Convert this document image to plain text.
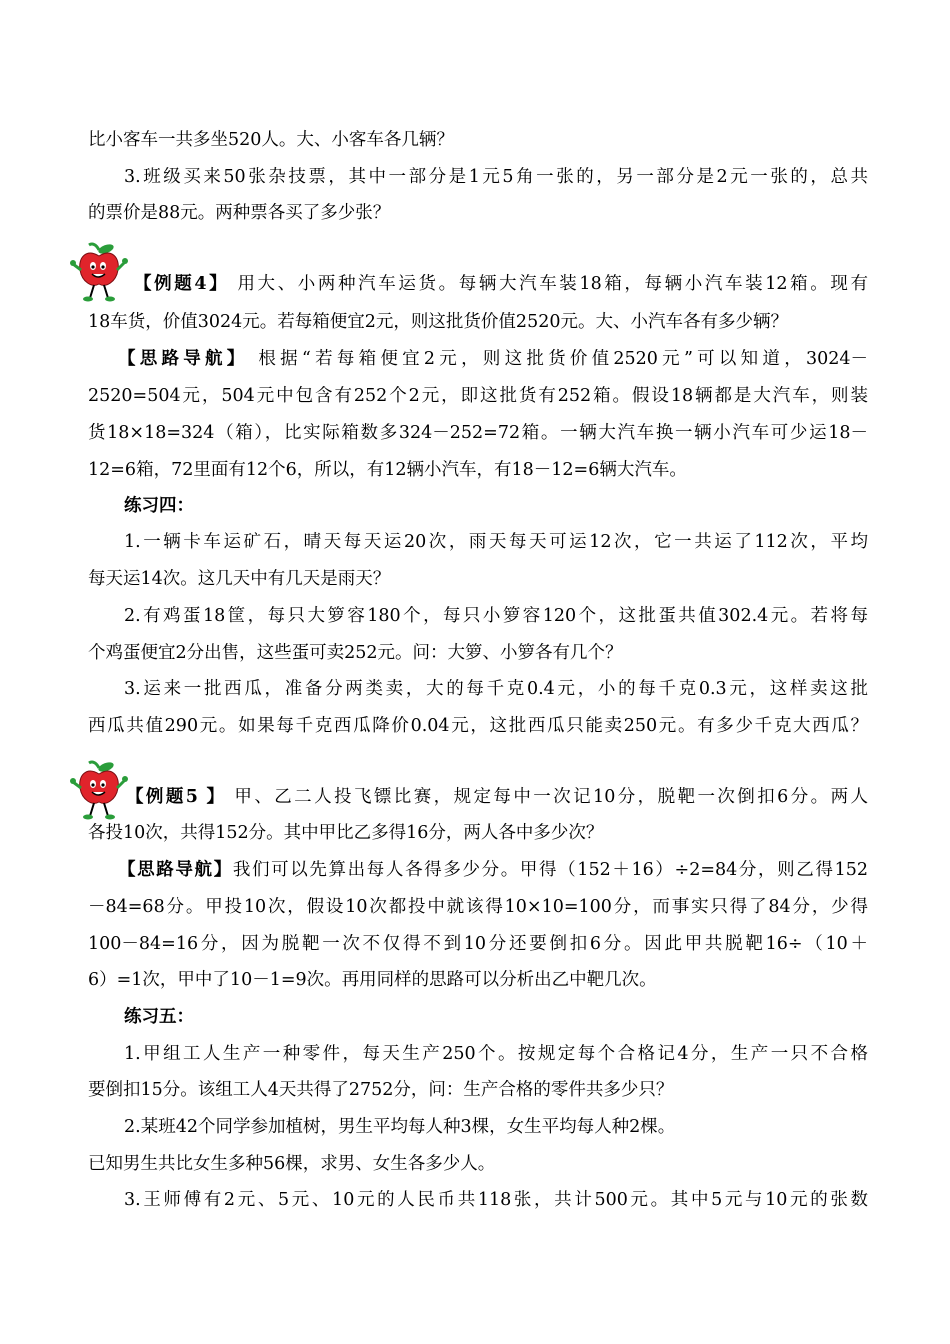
比小客车一共多坐520人。大、小客车各几辆？
3.班级买来50张杂技票，其中一部分是1元5角一张的，另一部分是2元一张的，总共
的票价是88元。两种票各买了多少张？
【例题4】 用大、小两种汽车运货。每辆大汽车装18箱，每辆小汽车装12箱。现有
18车货，价值3024元。若每箱便宜2元，则这批货价值2520元。大、小汽车各有多少辆？
【思路导航】 根据“若每箱便宜2元，则这批货价值2520元”可以知道，3024－
2520=504元，504元中包含有252个2元，即这批货有252箱。假设18辆都是大汽车，则装
货18×18=324（箱），比实际箱数多324－252=72箱。一辆大汽车换一辆小汽车可少运18－
12=6箱，72里面有12个6，所以，有12辆小汽车，有18－12=6辆大汽车。
练习四：
1.一辆卡车运矿石，晴天每天运20次，雨天每天可运12次，它一共运了112次，平均
每天运14次。这几天中有几天是雨天？
2.有鸡蛋18筐，每只大箩容180个，每只小箩容120个，这批蛋共值302.4元。若将每
个鸡蛋便宜2分出售，这些蛋可卖252元。问：大箩、小箩各有几个？
3.运来一批西瓜，准备分两类卖，大的每千克0.4元，小的每千克0.3元，这样卖这批
西瓜共值290元。如果每千克西瓜降价0.04元，这批西瓜只能卖250元。有多少千克大西瓜？
【例题5 】 甲、乙二人投飞镖比赛，规定每中一次记10分，脱靶一次倒扣6分。两人
各投10次，共得152分。其中甲比乙多得16分，两人各中多少次？
【思路导航】我们可以先算出每人各得多少分。甲得（152＋16）÷2=84分，则乙得152
－84=68分。甲投10次，假设10次都投中就该得10×10=100分，而事实只得了84分，少得
100－84=16分，因为脱靶一次不仅得不到10分还要倒扣6分。因此甲共脱靶16÷（10＋
6）=1次，甲中了10－1=9次。再用同样的思路可以分析出乙中靶几次。
练习五：
1.甲组工人生产一种零件，每天生产250个。按规定每个合格记4分，生产一只不合格
要倒扣15分。该组工人4天共得了2752分，问：生产合格的零件共多少只？
2.某班42个同学参加植树，男生平均每人种3棵，女生平均每人种2棵。
已知男生共比女生多种56棵，求男、女生各多少人。
3.王师傅有2元、5元、10元的人民币共118张，共计500元。其中5元与10元的张数
